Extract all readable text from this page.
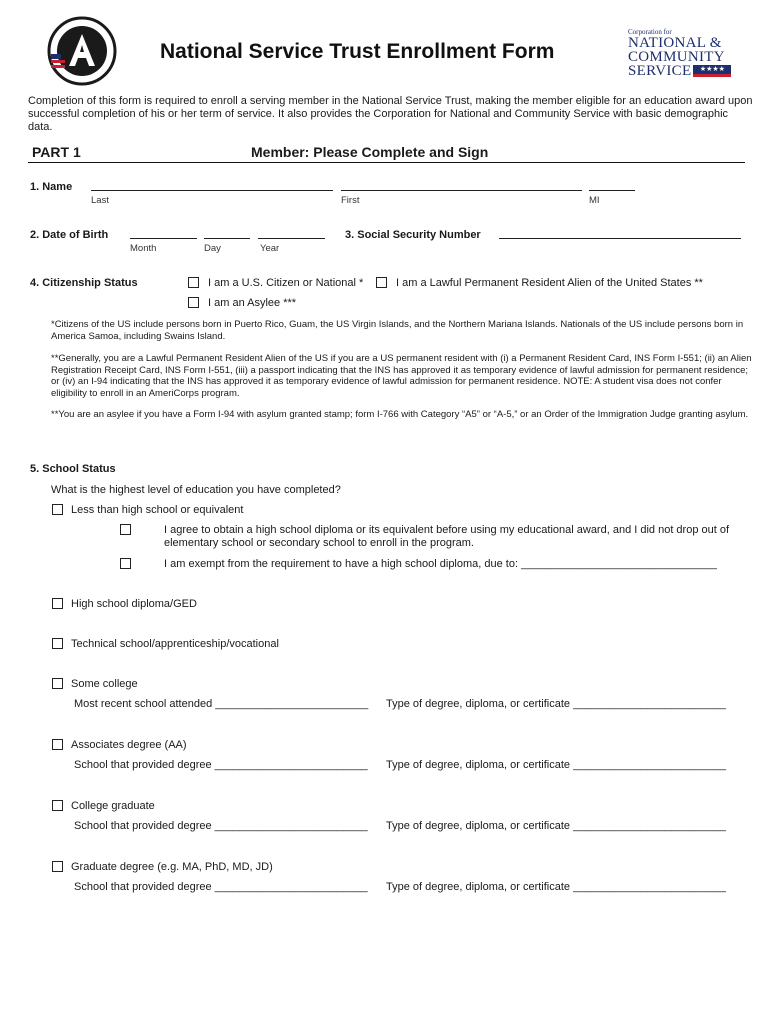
National Service Trust Enrollment Form
Corporation for
NATIONAL &
COMMUNITY
SERVICE	★★★★
Completion of this form is required to enroll a serving member in the National Service Trust, making the member eligible for an education award upon successful completion of his or her term of service. It also provides the Corporation for National and Community Service with basic demographic data.
PART 1	Member: Please Complete and Sign
1. Name
Last	First	MI
2. Date of Birth
Month	Day	Year
3. Social Security Number
4. Citizenship Status	I am a U.S. Citizen or National *	I am a Lawful Permanent Resident Alien of the United States **
I am an Asylee ***
*Citizens of the US include persons born in Puerto Rico, Guam, the US Virgin Islands, and the Northern Mariana Islands. Nationals of the US include persons born in America Samoa, including Swains Island.
**Generally, you are a Lawful Permanent Resident Alien of the US if you are a US permanent resident with (i) a Permanent Resident Card, INS Form I-551; (ii) an Alien Registration Receipt Card, INS Form I-551, (iii) a passport indicating that the INS has approved it as temporary evidence of lawful admission for permanent residence; or (iv) an I-94 indicating that the INS has approved it as temporary evidence of lawful admission for permanent residence. NOTE: A student visa does not confer eligibility to enroll in an AmeriCorps program.
**You are an asylee if you have a Form I-94 with asylum granted stamp; form I-766 with Category “A5” or “A-5,” or an Order of the Immigration Judge granting asylum.
5. School Status
What is the highest level of education you have completed?
Less than high school or equivalent
I agree to obtain a high school diploma or its equivalent before using my educational award, and I did not drop out of elementary school or secondary school to enroll in the program.
I am exempt from the requirement to have a high school diploma, due to: ________________________________
High school diploma/GED
Technical school/apprenticeship/vocational
Some college
Most recent school attended _________________________ Type of degree, diploma, or certificate _________________________
Associates degree (AA)
School that provided degree _________________________ Type of degree, diploma, or certificate _________________________
College graduate
School that provided degree _________________________ Type of degree, diploma, or certificate _________________________
Graduate degree (e.g. MA, PhD, MD, JD)
School that provided degree _________________________ Type of degree, diploma, or certificate _________________________
